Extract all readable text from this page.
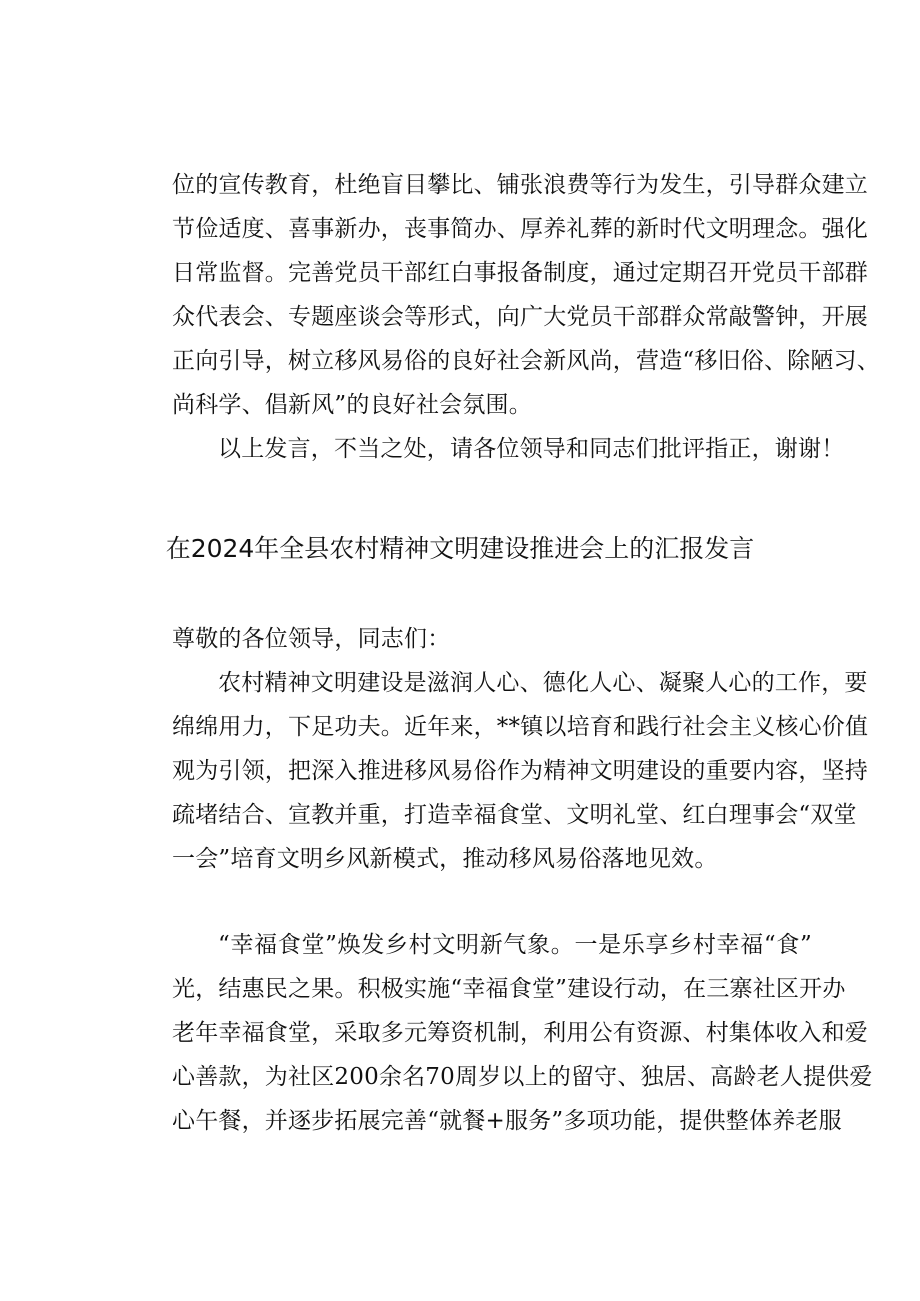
位的宣传教育，杜绝盲目攀比、铺张浪费等行为发生，引导群众建立
节俭适度、喜事新办，丧事简办、厚养礼葬的新时代文明理念。强化
日常监督。完善党员干部红白事报备制度，通过定期召开党员干部群
众代表会、专题座谈会等形式，向广大党员干部群众常敲警钟，开展
正向引导，树立移风易俗的良好社会新风尚，营造“移旧俗、除陋习、
尚科学、倡新风”的良好社会氛围。
以上发言，不当之处，请各位领导和同志们批评指正，谢谢！
在2024年全县农村精神文明建设推进会上的汇报发言
尊敬的各位领导，同志们：
农村精神文明建设是滋润人心、德化人心、凝聚人心的工作，要
绵绵用力，下足功夫。近年来，**镇以培育和践行社会主义核心价值
观为引领，把深入推进移风易俗作为精神文明建设的重要内容，坚持
疏堵结合、宣教并重，打造幸福食堂、文明礼堂、红白理事会“双堂
一会”培育文明乡风新模式，推动移风易俗落地见效。
“幸福食堂”焕发乡村文明新气象。一是乐享乡村幸福“食”
光，结惠民之果。积极实施“幸福食堂”建设行动，在三寨社区开办
老年幸福食堂，采取多元筹资机制，利用公有资源、村集体收入和爱
心善款，为社区200余名70周岁以上的留守、独居、高龄老人提供爱
心午餐，并逐步拓展完善“就餐+服务”多项功能，提供整体养老服
